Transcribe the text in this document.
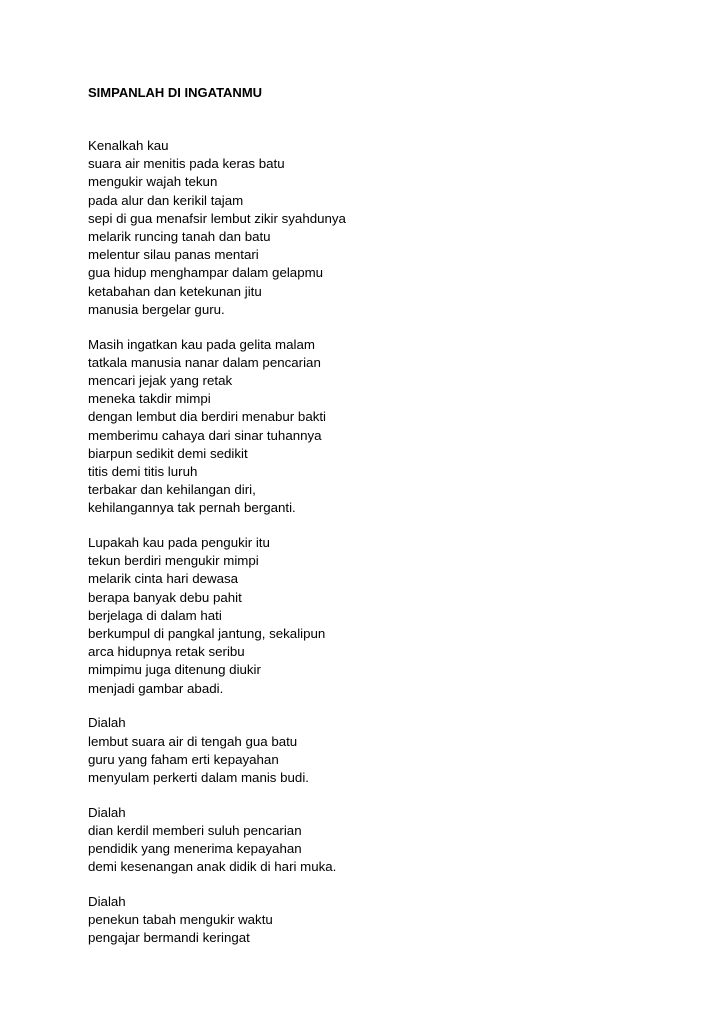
SIMPANLAH DI INGATANMU
Kenalkah kau
suara air menitis pada keras batu
mengukir wajah tekun
pada alur dan kerikil tajam
sepi di gua menafsir lembut zikir syahdunya
melarik runcing tanah dan batu
melentur silau panas mentari
gua hidup menghampar dalam gelapmu
ketabahan dan ketekunan jitu
manusia bergelar guru.
Masih ingatkan kau pada gelita malam
tatkala manusia nanar dalam pencarian
mencari jejak yang retak
meneka takdir mimpi
dengan lembut dia berdiri menabur bakti
memberimu cahaya dari sinar tuhannya
biarpun sedikit demi sedikit
titis demi titis luruh
terbakar dan kehilangan diri,
kehilangannya tak pernah berganti.
Lupakah kau pada pengukir itu
tekun berdiri mengukir mimpi
melarik cinta hari dewasa
berapa banyak debu pahit
berjelaga di dalam hati
berkumpul di pangkal jantung, sekalipun
arca hidupnya retak seribu
mimpimu juga ditenung diukir
menjadi gambar abadi.
Dialah
lembut suara air di tengah gua batu
guru yang faham erti kepayahan
menyulam perkerti dalam manis budi.
Dialah
dian kerdil memberi suluh pencarian
pendidik yang menerima kepayahan
demi kesenangan anak didik di hari muka.
Dialah
penekun tabah mengukir waktu
pengajar bermandi keringat
